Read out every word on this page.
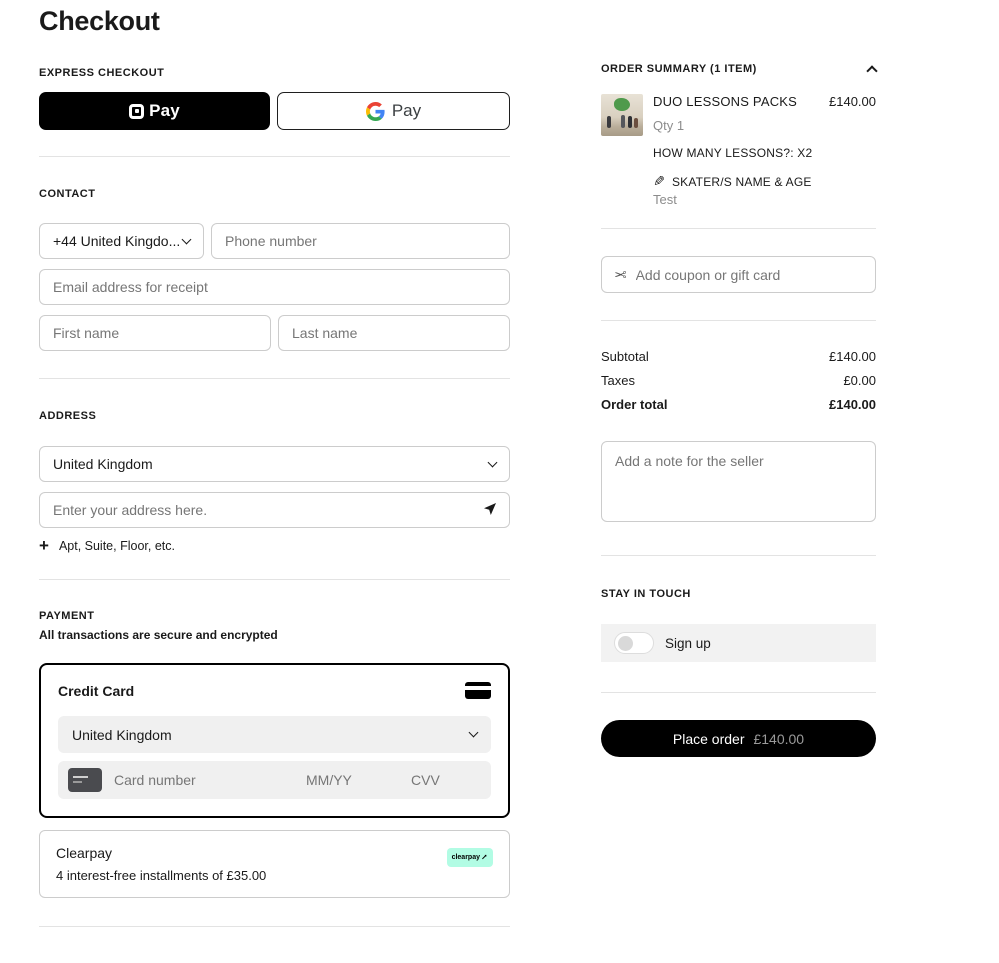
Checkout
EXPRESS CHECKOUT
Pay	Pay
CONTACT
+44 United Kingdo...
Phone number
Email address for receipt
First name
Last name
ADDRESS
United Kingdom
Enter your address here.
+ Apt, Suite, Floor, etc.
PAYMENT
All transactions are secure and encrypted
Credit Card
United Kingdom
Card number	MM/YY	CVV
Clearpay
4 interest-free installments of £35.00
clearpay
ORDER SUMMARY (1 ITEM)
DUO LESSONS PACKS £140.00
Qty 1
HOW MANY LESSONS?: X2
✎ SKATER/S NAME & AGE
Test
✂
Add coupon or gift card
Subtotal	£140.00
Taxes	£0.00
Order total	£140.00
Add a note for the seller
STAY IN TOUCH
Sign up
Place order £140.00
